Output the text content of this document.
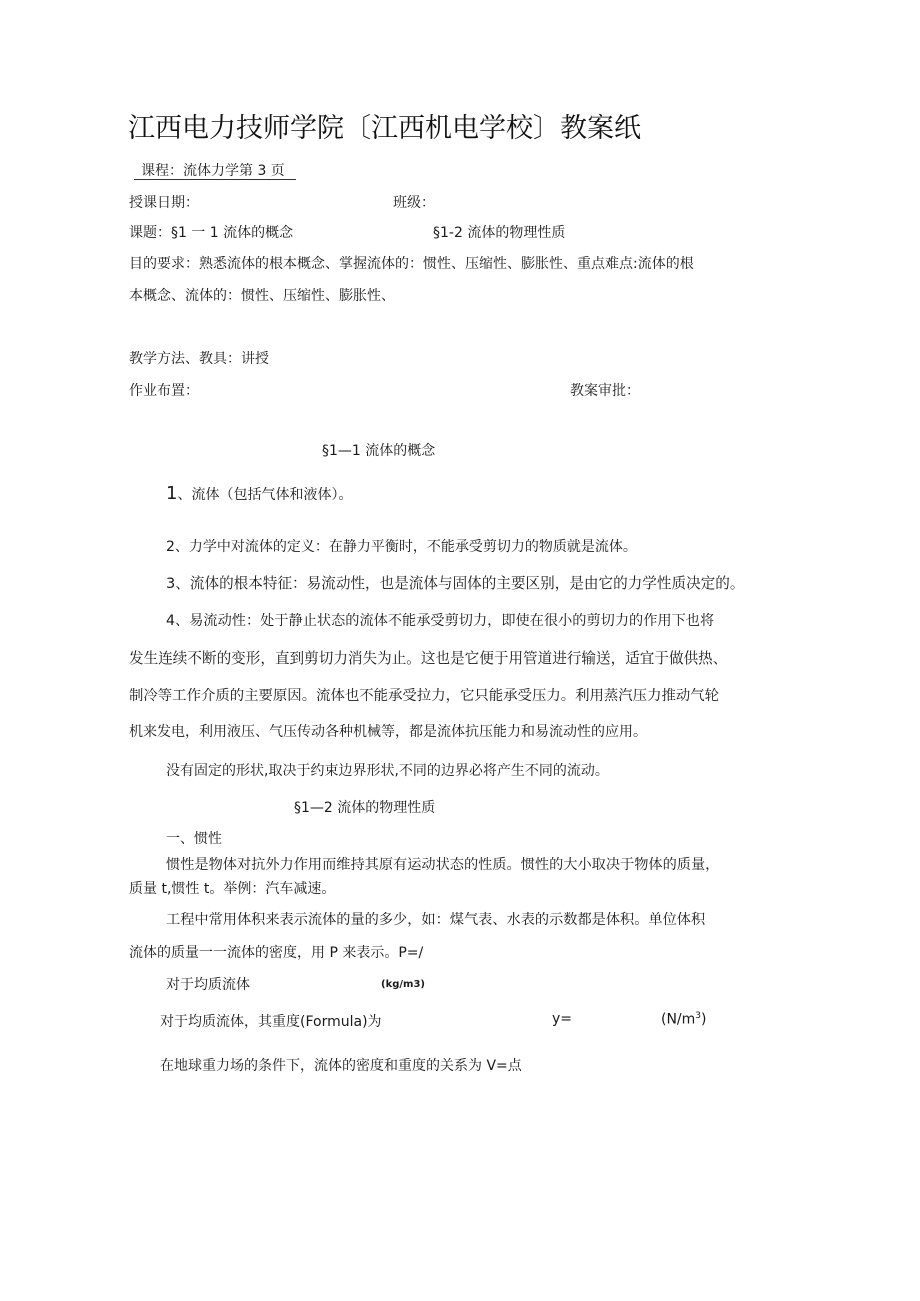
江西电力技师学院〔江西机电学校〕教案纸
课程：流体力学第 3 页
授课日期：	班级：
课题：§1 一 1 流体的概念	§1-2 流体的物理性质
目的要求：熟悉流体的根本概念、掌握流体的：惯性、压缩性、膨胀性、重点难点:流体的根
本概念、流体的：惯性、压缩性、膨胀性、
教学方法、教具：讲授
作业布置：	教案审批：
§1—1 流体的概念
1、流体（包括气体和液体）。
2、力学中对流体的定义：在静力平衡时，不能承受剪切力的物质就是流体。
3、流体的根本特征：易流动性，也是流体与固体的主要区别，是由它的力学性质决定的。
4、易流动性：处于静止状态的流体不能承受剪切力，即使在很小的剪切力的作用下也将
发生连续不断的变形，直到剪切力消失为止。这也是它便于用管道进行输送，适宜于做供热、
制冷等工作介质的主要原因。流体也不能承受拉力，它只能承受压力。利用蒸汽压力推动气轮
机来发电，利用液压、气压传动各种机械等，都是流体抗压能力和易流动性的应用。
没有固定的形状,取决于约束边界形状,不同的边界必将产生不同的流动。
§1—2 流体的物理性质
一、惯性
惯性是物体对抗外力作用而维持其原有运动状态的性质。惯性的大小取决于物体的质量，
质量 t,惯性 t。举例：汽车减速。
工程中常用体积来表示流体的量的多少，如：煤气表、水表的示数都是体积。单位体积
流体的质量一一流体的密度，用 P 来表示。P=/
对于均质流体	(kg/m3)
对于均质流体，其重度(Formula)为	y=	$(N/m^3)$
在地球重力场的条件下，流体的密度和重度的关系为 V=点
